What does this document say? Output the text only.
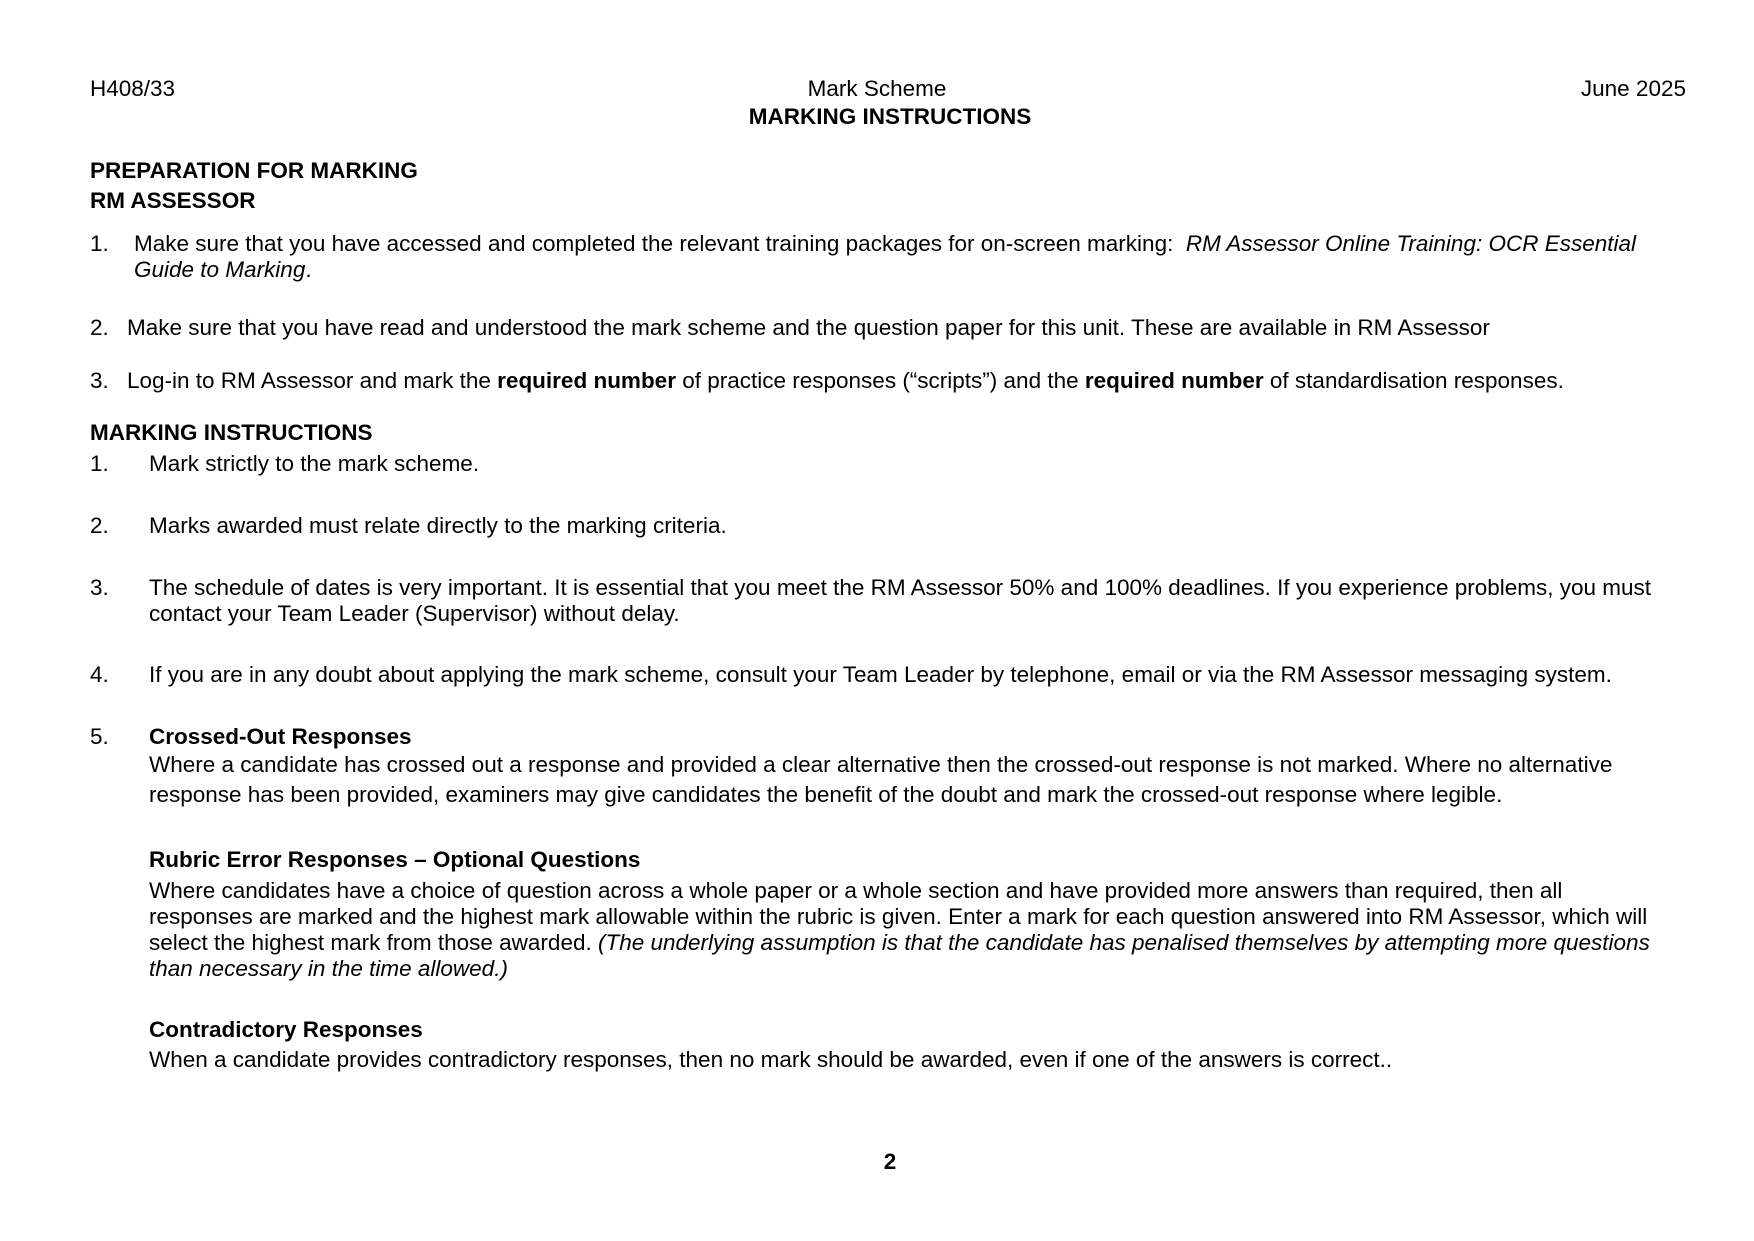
H408/33	Mark Scheme	June 2025
MARKING INSTRUCTIONS
PREPARATION FOR MARKING
RM ASSESSOR
1. Make sure that you have accessed and completed the relevant training packages for on-screen marking: RM Assessor Online Training: OCR Essential
Guide to Marking.
2. Make sure that you have read and understood the mark scheme and the question paper for this unit. These are available in RM Assessor
3. Log-in to RM Assessor and mark the required number of practice responses (“scripts”) and the required number of standardisation responses.
MARKING INSTRUCTIONS
1. Mark strictly to the mark scheme.
2. Marks awarded must relate directly to the marking criteria.
3. The schedule of dates is very important. It is essential that you meet the RM Assessor 50% and 100% deadlines. If you experience problems, you must
contact your Team Leader (Supervisor) without delay.
4. If you are in any doubt about applying the mark scheme, consult your Team Leader by telephone, email or via the RM Assessor messaging system.
5. Crossed-Out Responses
Where a candidate has crossed out a response and provided a clear alternative then the crossed-out response is not marked. Where no alternative
response has been provided, examiners may give candidates the benefit of the doubt and mark the crossed-out response where legible.
Rubric Error Responses – Optional Questions
Where candidates have a choice of question across a whole paper or a whole section and have provided more answers than required, then all
responses are marked and the highest mark allowable within the rubric is given. Enter a mark for each question answered into RM Assessor, which will
select the highest mark from those awarded. (The underlying assumption is that the candidate has penalised themselves by attempting more questions
than necessary in the time allowed.)
Contradictory Responses
When a candidate provides contradictory responses, then no mark should be awarded, even if one of the answers is correct..
2
